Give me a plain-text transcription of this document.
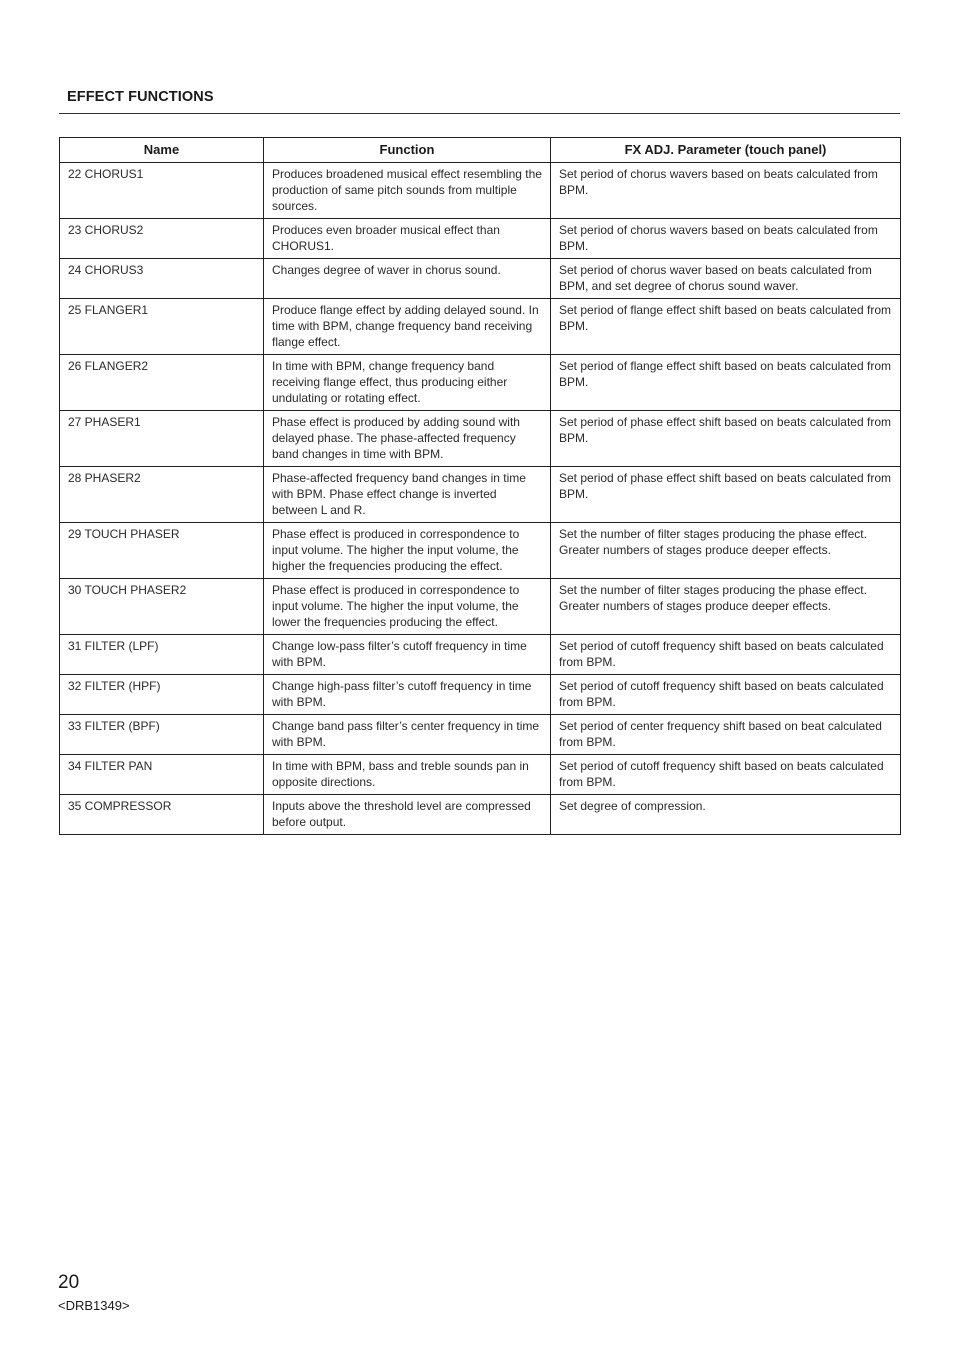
EFFECT FUNCTIONS
Name	Function	FX ADJ. Parameter (touch panel)
22 CHORUS1	Produces broadened musical effect resembling the production of same pitch sounds from multiple sources.	Set period of chorus wavers based on beats calculated from BPM.
23 CHORUS2	Produces even broader musical effect than CHORUS1.	Set period of chorus wavers based on beats calculated from BPM.
24 CHORUS3	Changes degree of waver in chorus sound.	Set period of chorus waver based on beats calculated from BPM, and set degree of chorus sound waver.
25 FLANGER1	Produce flange effect by adding delayed sound. In time with BPM, change frequency band receiving flange effect.	Set period of flange effect shift based on beats calculated from BPM.
26 FLANGER2	In time with BPM, change frequency band receiving flange effect, thus producing either undulating or rotating effect.	Set period of flange effect shift based on beats calculated from BPM.
27 PHASER1	Phase effect is produced by adding sound with delayed phase. The phase-affected frequency band changes in time with BPM.	Set period of phase effect shift based on beats calculated from BPM.
28 PHASER2	Phase-affected frequency band changes in time with BPM. Phase effect change is inverted between L and R.	Set period of phase effect shift based on beats calculated from BPM.
29 TOUCH PHASER	Phase effect is produced in correspondence to input volume. The higher the input volume, the higher the frequencies producing the effect.	Set the number of filter stages producing the phase effect. Greater numbers of stages produce deeper effects.
30 TOUCH PHASER2	Phase effect is produced in correspondence to input volume. The higher the input volume, the lower the frequencies producing the effect.	Set the number of filter stages producing the phase effect. Greater numbers of stages produce deeper effects.
31 FILTER (LPF)	Change low-pass filter’s cutoff frequency in time with BPM.	Set period of cutoff frequency shift based on beats calculated from BPM.
32 FILTER (HPF)	Change high-pass filter’s cutoff frequency in time with BPM.	Set period of cutoff frequency shift based on beats calculated from BPM.
33 FILTER (BPF)	Change band pass filter’s center frequency in time with BPM.	Set period of center frequency shift based on beat calculated from BPM.
34 FILTER PAN	In time with BPM, bass and treble sounds pan in opposite directions.	Set period of cutoff frequency shift based on beats calculated from BPM.
35 COMPRESSOR	Inputs above the threshold level are compressed before output.	Set degree of compression.

20

<DRB1349>
